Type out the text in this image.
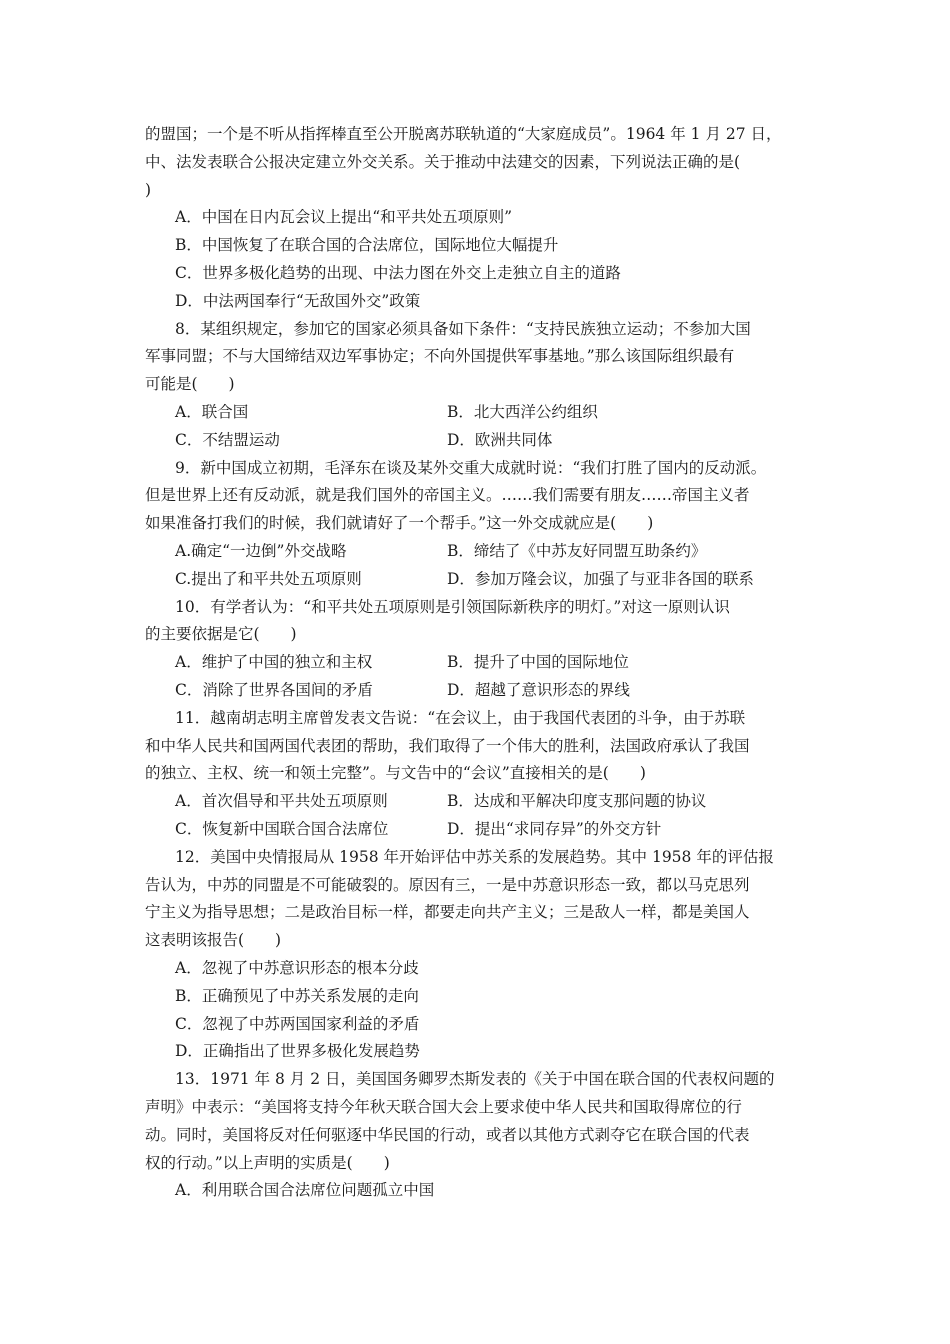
的盟国；一个是不听从指挥棒直至公开脱离苏联轨道的“大家庭成员”。1964 年 1 月 27 日，
中、法发表联合公报决定建立外交关系。关于推动中法建交的因素，下列说法正确的是(
)
A．中国在日内瓦会议上提出“和平共处五项原则”
B．中国恢复了在联合国的合法席位，国际地位大幅提升
C．世界多极化趋势的出现、中法力图在外交上走独立自主的道路
D．中法两国奉行“无敌国外交”政策
8．某组织规定，参加它的国家必须具备如下条件：“支持民族独立运动；不参加大国
军事同盟；不与大国缔结双边军事协定；不向外国提供军事基地。”那么该国际组织最有
可能是(　　)
A．联合国	B．北大西洋公约组织
C．不结盟运动	D．欧洲共同体
9．新中国成立初期，毛泽东在谈及某外交重大成就时说：“我们打胜了国内的反动派。
但是世界上还有反动派，就是我们国外的帝国主义。……我们需要有朋友……帝国主义者
如果准备打我们的时候，我们就请好了一个帮手。”这一外交成就应是(　　)
A.确定“一边倒”外交战略	B．缔结了《中苏友好同盟互助条约》
C.提出了和平共处五项原则	D．参加万隆会议，加强了与亚非各国的联系
10．有学者认为：“和平共处五项原则是引领国际新秩序的明灯。”对这一原则认识
的主要依据是它(　　)
A．维护了中国的独立和主权	B．提升了中国的国际地位
C．消除了世界各国间的矛盾	D．超越了意识形态的界线
11．越南胡志明主席曾发表文告说：“在会议上，由于我国代表团的斗争，由于苏联
和中华人民共和国两国代表团的帮助，我们取得了一个伟大的胜利，法国政府承认了我国
的独立、主权、统一和领土完整”。与文告中的“会议”直接相关的是(　　)
A．首次倡导和平共处五项原则	B．达成和平解决印度支那问题的协议
C．恢复新中国联合国合法席位	D．提出“求同存异”的外交方针
12．美国中央情报局从 1958 年开始评估中苏关系的发展趋势。其中 1958 年的评估报
告认为，中苏的同盟是不可能破裂的。原因有三，一是中苏意识形态一致，都以马克思列
宁主义为指导思想；二是政治目标一样，都要走向共产主义；三是敌人一样，都是美国人
这表明该报告(　　)
A．忽视了中苏意识形态的根本分歧
B．正确预见了中苏关系发展的走向
C．忽视了中苏两国国家利益的矛盾
D．正确指出了世界多极化发展趋势
13．1971 年 8 月 2 日，美国国务卿罗杰斯发表的《关于中国在联合国的代表权问题的
声明》中表示：“美国将支持今年秋天联合国大会上要求使中华人民共和国取得席位的行
动。同时，美国将反对任何驱逐中华民国的行动，或者以其他方式剥夺它在联合国的代表
权的行动。”以上声明的实质是(　　)
A．利用联合国合法席位问题孤立中国
